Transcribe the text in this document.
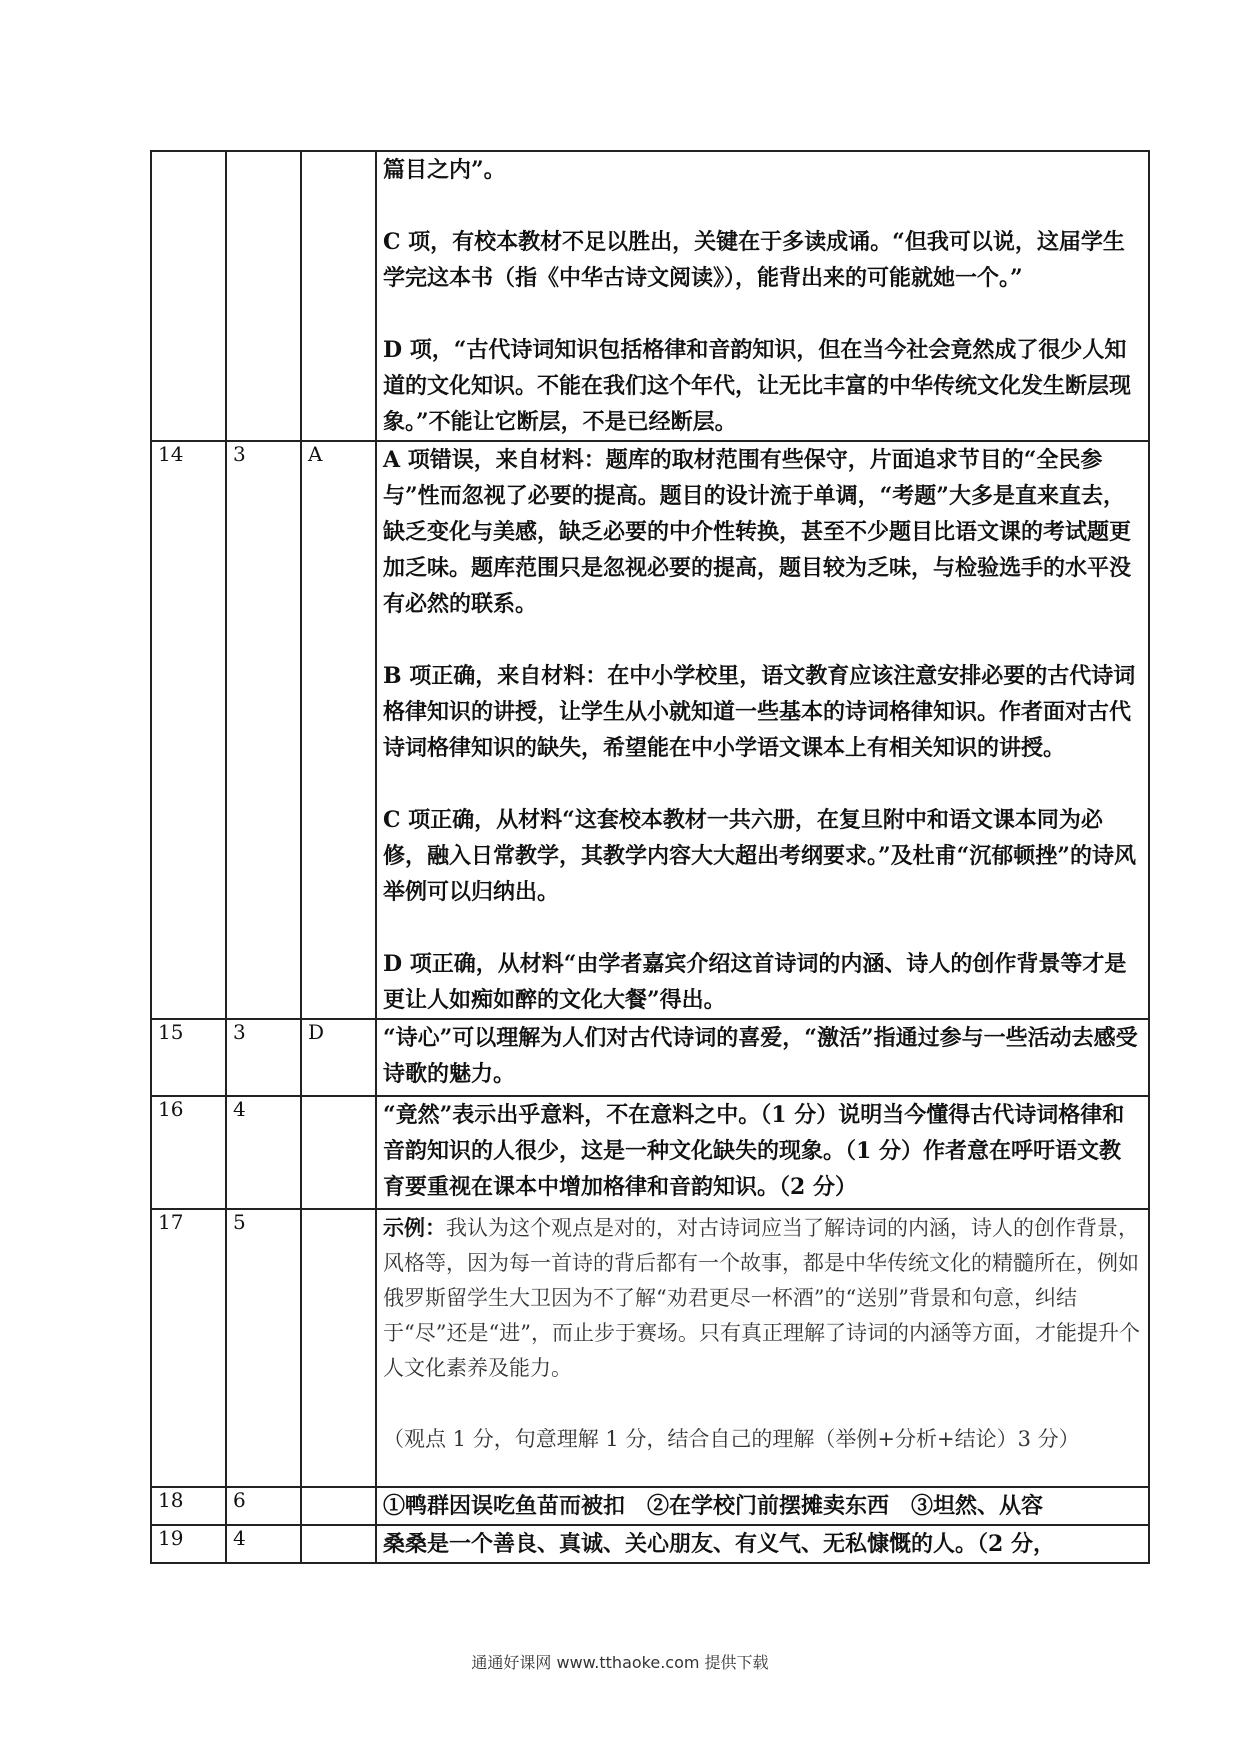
			篇目之内”。

C 项，有校本教材不足以胜出，关键在于多读成诵。“但我可以说，这届学生学完这本书（指《中华古诗文阅读》），能背出来的可能就她一个。”

D 项，“古代诗词知识包括格律和音韵知识，但在当今社会竟然成了很少人知道的文化知识。不能在我们这个年代，让无比丰富的中华传统文化发生断层现象。”不能让它断层，不是已经断层。

14	3	A	A 项错误，来自材料：题库的取材范围有些保守，片面追求节目的“全民参与”性而忽视了必要的提高。题目的设计流于单调，“考题”大多是直来直去，缺乏变化与美感，缺乏必要的中介性转换，甚至不少题目比语文课的考试题更加乏味。题库范围只是忽视必要的提高，题目较为乏味，与检验选手的水平没有必然的联系。

B 项正确，来自材料：在中小学校里，语文教育应该注意安排必要的古代诗词格律知识的讲授，让学生从小就知道一些基本的诗词格律知识。作者面对古代诗词格律知识的缺失，希望能在中小学语文课本上有相关知识的讲授。

C 项正确，从材料“这套校本教材一共六册，在复旦附中和语文课本同为必修，融入日常教学，其教学内容大大超出考纲要求。”及杜甫“沉郁顿挫”的诗风举例可以归纳出。

D 项正确，从材料“由学者嘉宾介绍这首诗词的内涵、诗人的创作背景等才是更让人如痴如醉的文化大餐”得出。

15	3	D	“诗心”可以理解为人们对古代诗词的喜爱，“激活”指通过参与一些活动去感受诗歌的魅力。

16	4		“竟然”表示出乎意料，不在意料之中。（1 分）说明当今懂得古代诗词格律和音韵知识的人很少，这是一种文化缺失的现象。（1 分）作者意在呼吁语文教育要重视在课本中增加格律和音韵知识。（2 分）

17	5		示例：我认为这个观点是对的，对古诗词应当了解诗词的内涵，诗人的创作背景，风格等，因为每一首诗的背后都有一个故事，都是中华传统文化的精髓所在，例如俄罗斯留学生大卫因为不了解“劝君更尽一杯酒”的“送别”背景和句意，纠结于“尽”还是“进”，而止步于赛场。只有真正理解了诗词的内涵等方面，才能提升个人文化素养及能力。

（观点 1 分，句意理解 1 分，结合自己的理解（举例+分析+结论）3 分）

18	6		①鸭群因误吃鱼苗而被扣　②在学校门前摆摊卖东西　③坦然、从容

19	4		桑桑是一个善良、真诚、关心朋友、有义气、无私慷慨的人。（2 分，

通通好课网 www.tthaoke.com 提供下载
